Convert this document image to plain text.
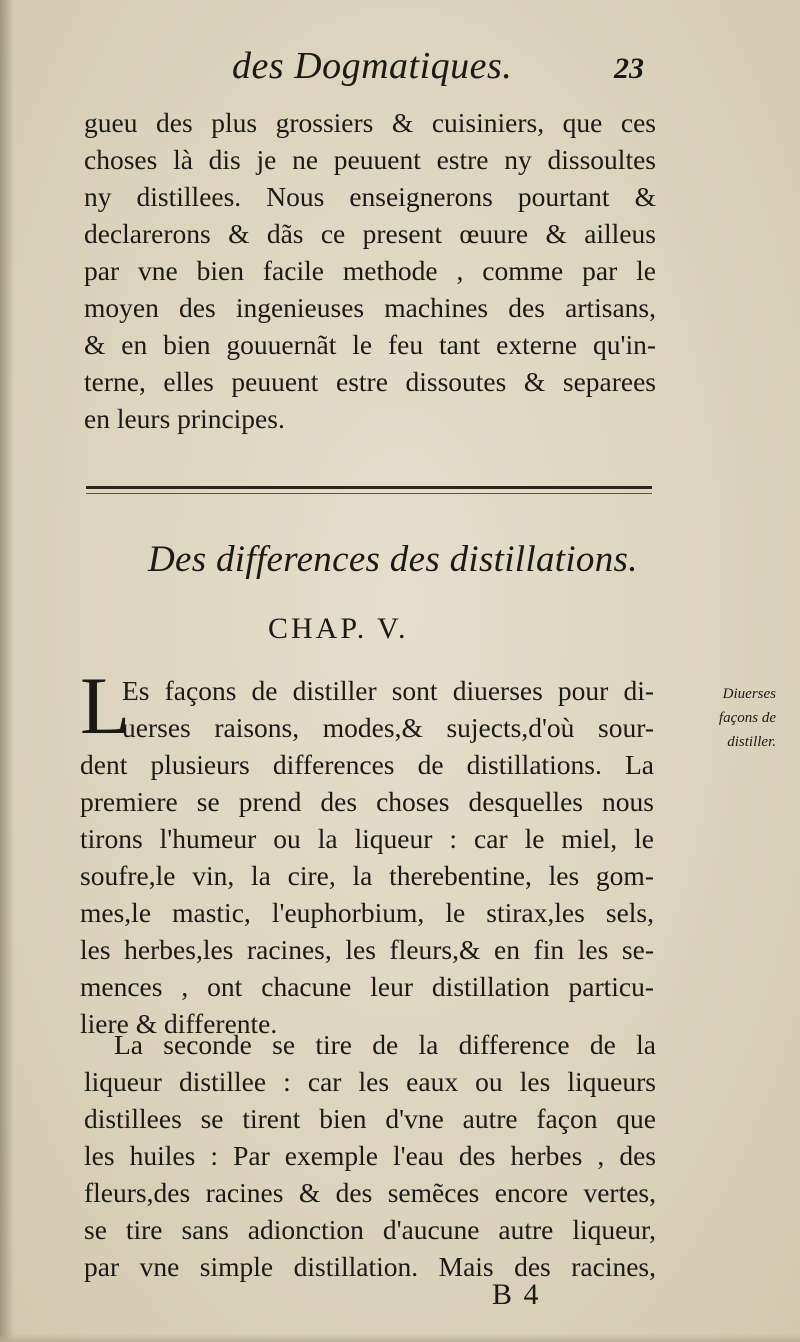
des Dogmatiques.	23
gueu des plus grossiers & cuisiniers, que ces
choses là dis je ne peuuent estre ny dissoultes
ny distillees. Nous enseignerons pourtant &
declarerons & dãs ce present œuure & ailleus
par vne bien facile methode , comme par le
moyen des ingenieuses machines des artisans,
& en bien gouuernãt le feu tant externe qu'in-
terne, elles peuuent estre dissoutes & separees
en leurs principes.
Des differences des distillations.
CHAP. V.
L
Es façons de distiller sont diuerses pour di-
uerses raisons, modes,& sujects,d'où sour-
dent plusieurs differences de distillations. La
premiere se prend des choses desquelles nous
tirons l'humeur ou la liqueur : car le miel, le
soufre,le vin, la cire, la therebentine, les gom-
mes,le mastic, l'euphorbium, le stirax,les sels,
les herbes,les racines, les fleurs,& en fin les se-
mences , ont chacune leur distillation particu-
liere & differente.
La seconde se tire de la difference de la
liqueur distillee : car les eaux ou les liqueurs
distillees se tirent bien d'vne autre façon que
les huiles : Par exemple l'eau des herbes , des
fleurs,des racines & des semẽces encore vertes,
se tire sans adionction d'aucune autre liqueur,
par vne simple distillation. Mais des racines,
Diuerses
façons de
distiller.
B 4
